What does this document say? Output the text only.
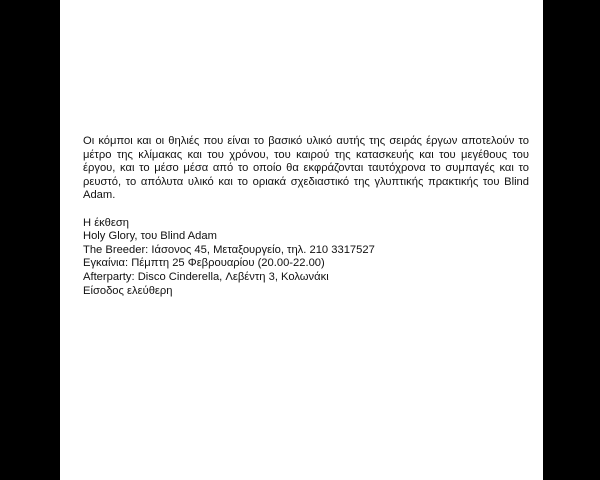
Οι κόμποι και οι θηλιές που είναι το βασικό υλικό αυτής της σειράς έργων αποτελούν το μέτρο της κλίμακας και του χρόνου, του καιρού της κατασκευής και του μεγέθους του έργου, και το μέσο μέσα από το οποίο θα εκφράζονται ταυτόχρονα το συμπαγές και το ρευστό, το απόλυτα υλικό και το οριακά σχεδιαστικό της γλυπτικής πρακτικής του Blind Adam.

Η έκθεση
Holy Glory, του Blind Adam
The Breeder: Ιάσονος 45, Μεταξουργείο, τηλ. 210 3317527
Εγκαίνια: Πέμπτη 25 Φεβρουαρίου (20.00-22.00)
Afterparty: Disco Cinderella, Λεβέντη 3, Κολωνάκι
Είσοδος ελεύθερη
